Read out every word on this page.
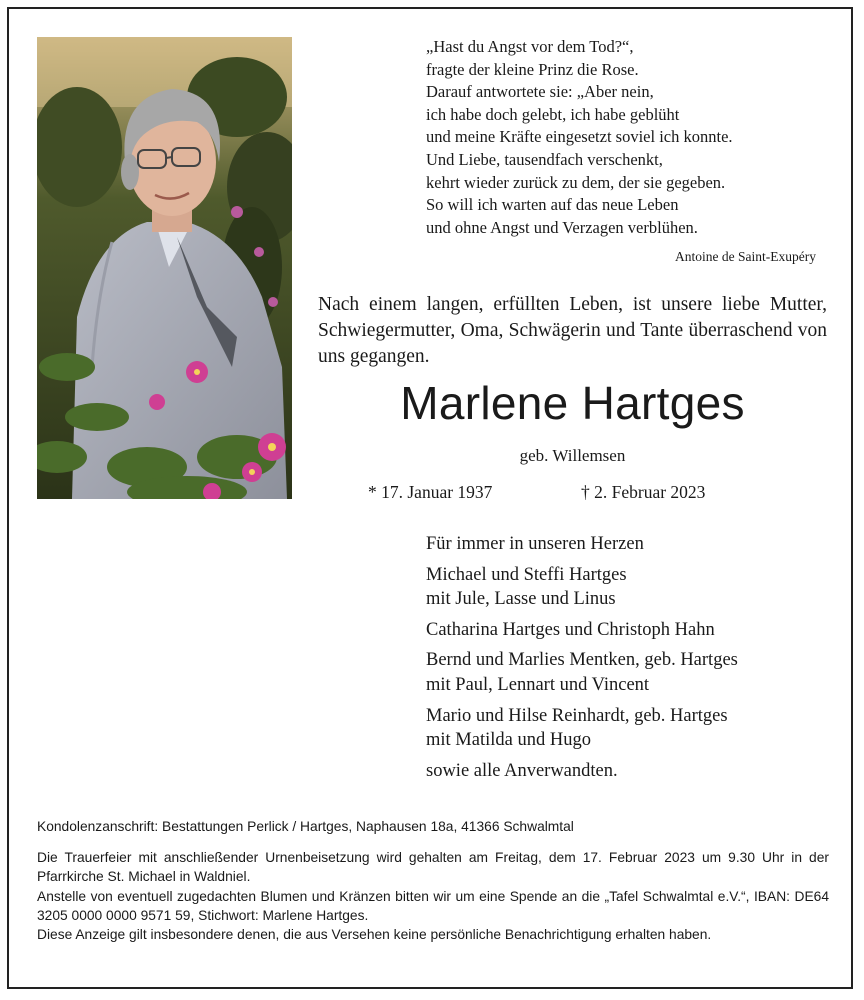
„Hast du Angst vor dem Tod?“,
fragte der kleine Prinz die Rose.
Darauf antwortete sie: „Aber nein,
ich habe doch gelebt, ich habe geblüht
und meine Kräfte eingesetzt soviel ich konnte.
Und Liebe, tausendfach verschenkt,
kehrt wieder zurück zu dem, der sie gegeben.
So will ich warten auf das neue Leben
und ohne Angst und Verzagen verblühen.
Antoine de Saint-Exupéry
Nach einem langen, erfüllten Leben, ist unsere liebe Mutter, Schwiegermutter, Oma, Schwägerin und Tante überraschend von uns gegangen.
Marlene Hartges
geb. Willemsen
* 17. Januar 1937	† 2. Februar 2023
Für immer in unseren Herzen
Michael und Steffi Hartges
mit Jule, Lasse und Linus
Catharina Hartges und Christoph Hahn
Bernd und Marlies Mentken, geb. Hartges
mit Paul, Lennart und Vincent
Mario und Hilse Reinhardt, geb. Hartges
mit Matilda und Hugo
sowie alle Anverwandten.
Kondolenzanschrift: Bestattungen Perlick / Hartges, Naphausen 18a, 41366 Schwalmtal
Die Trauerfeier mit anschließender Urnenbeisetzung wird gehalten am Freitag, dem 17. Februar 2023 um 9.30 Uhr in der Pfarrkirche St. Michael in Waldniel.
Anstelle von eventuell zugedachten Blumen und Kränzen bitten wir um eine Spende an die „Tafel Schwalmtal e.V.“, IBAN: DE64 3205 0000 0000 9571 59, Stichwort: Marlene Hartges.
Diese Anzeige gilt insbesondere denen, die aus Versehen keine persönliche Benachrichtigung erhalten haben.
